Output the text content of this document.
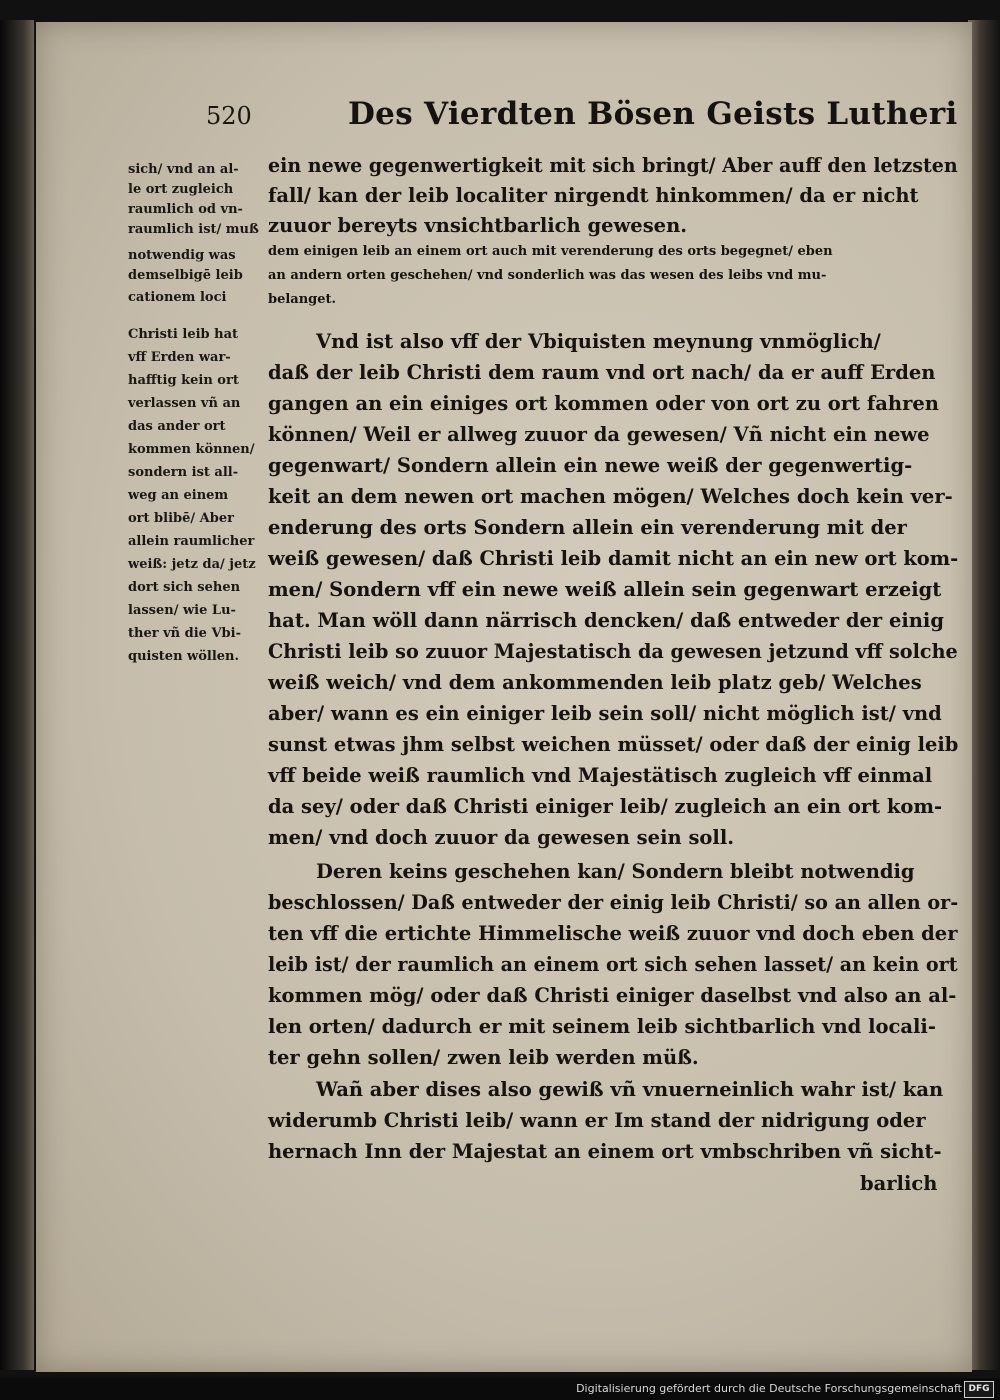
520	Des Vierdten Bösen Geists Lutheri
sich/ vnd an al-
le ort zugleich
raumlich od vn-
raumlich ist/ muß
notwendig was
demselbigē leib
cationem loci
Christi leib hat
vff Erden war-
hafftig kein ort
verlassen vñ an
das ander ort
kommen können/
sondern ist all-
weg an einem
ort blibē/ Aber
allein raumlicher
weiß: jetz da/ jetz
dort sich sehen
lassen/ wie Lu-
ther vñ die Vbi-
quisten wöllen.
ein newe gegenwertigkeit mit sich bringt/ Aber auff den letzsten
fall/ kan der leib localiter nirgendt hinkommen/ da er nicht
zuuor bereyts vnsichtbarlich gewesen.
dem einigen leib an einem ort auch mit verenderung des orts begegnet/ eben
an andern orten geschehen/ vnd sonderlich was das wesen des leibs vnd mu-
belanget.
Vnd ist also vff der Vbiquisten meynung vnmöglich/
daß der leib Christi dem raum vnd ort nach/ da er auff Erden
gangen an ein einiges ort kommen oder von ort zu ort fahren
können/ Weil er allweg zuuor da gewesen/ Vñ nicht ein newe
gegenwart/ Sondern allein ein newe weiß der gegenwertig-
keit an dem newen ort machen mögen/ Welches doch kein ver-
enderung des orts Sondern allein ein verenderung mit der
weiß gewesen/ daß Christi leib damit nicht an ein new ort kom-
men/ Sondern vff ein newe weiß allein sein gegenwart erzeigt
hat. Man wöll dann närrisch dencken/ daß entweder der einig
Christi leib so zuuor Majestatisch da gewesen jetzund vff solche
weiß weich/ vnd dem ankommenden leib platz geb/ Welches
aber/ wann es ein einiger leib sein soll/ nicht möglich ist/ vnd
sunst etwas jhm selbst weichen müsset/ oder daß der einig leib
vff beide weiß raumlich vnd Majestätisch zugleich vff einmal
da sey/ oder daß Christi einiger leib/ zugleich an ein ort kom-
men/ vnd doch zuuor da gewesen sein soll.
Deren keins geschehen kan/ Sondern bleibt notwendig
beschlossen/ Daß entweder der einig leib Christi/ so an allen or-
ten vff die ertichte Himmelische weiß zuuor vnd doch eben der
leib ist/ der raumlich an einem ort sich sehen lasset/ an kein ort
kommen mög/ oder daß Christi einiger daselbst vnd also an al-
len orten/ dadurch er mit seinem leib sichtbarlich vnd locali-
ter gehn sollen/ zwen leib werden müß.
Wañ aber dises also gewiß vñ vnuerneinlich wahr ist/ kan
widerumb Christi leib/ wann er Im stand der nidrigung oder
hernach Inn der Majestat an einem ort vmbschriben vñ sicht-
barlich
Digitalisierung gefördert durch die Deutsche Forschungsgemeinschaft DFG
